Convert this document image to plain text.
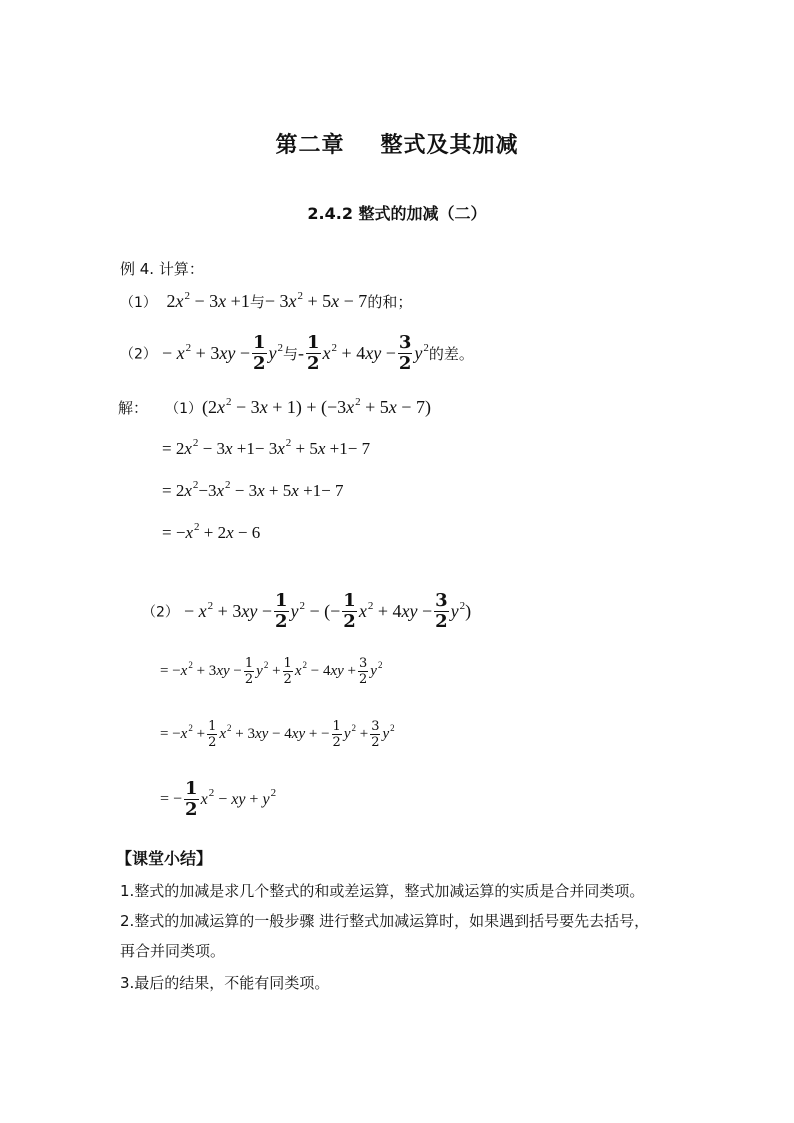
第二章 整式及其加减
2.4.2 整式的加减（二）
例 4. 计算：
（1）  $2x^2 - 3x +1$与− $3x^2 + 5x - 7$的和；
$(2) - x^2 + 3xy - \frac{1}{2} y^2$与- $\frac{1}{2} x^2 + 4xy - \frac{3}{2} y^2$的差。
解： $(1)(2x^2 - 3x + 1) + (-3x^2 + 5x - 7)$
= $2x^2 - 3x +1- 3x^2 + 5x +1- 7$
= $2x^2-3x^2 - 3x + 5x +1- 7$
= $-x^2 + 2x - 6$
$(2) - x^2 + 3xy - \frac{1}{2} y^2$ − (− $\frac{1}{2} x^2 + 4xy - \frac{3}{2} y^2$)
= $-x^2 + 3xy - \frac{1}{2} y^2 + \frac{1}{2} x^2 - 4xy + \frac{3}{2} y^2$
= $-x^2 + \frac{1}{2} x^2 + 3xy - 4xy$ + − $\frac{1}{2} y^2 + \frac{3}{2} y^2$
= − $\frac{1}{2} x^2$ − xy + $y^2$
【课堂小结】
1.整式的加减是求几个整式的和或差运算，整式加减运算的实质是合并同类项。
2.整式的加减运算的一般步骤 进行整式加减运算时，如果遇到括号要先去括号，
再合并同类项。
3.最后的结果，不能有同类项。
